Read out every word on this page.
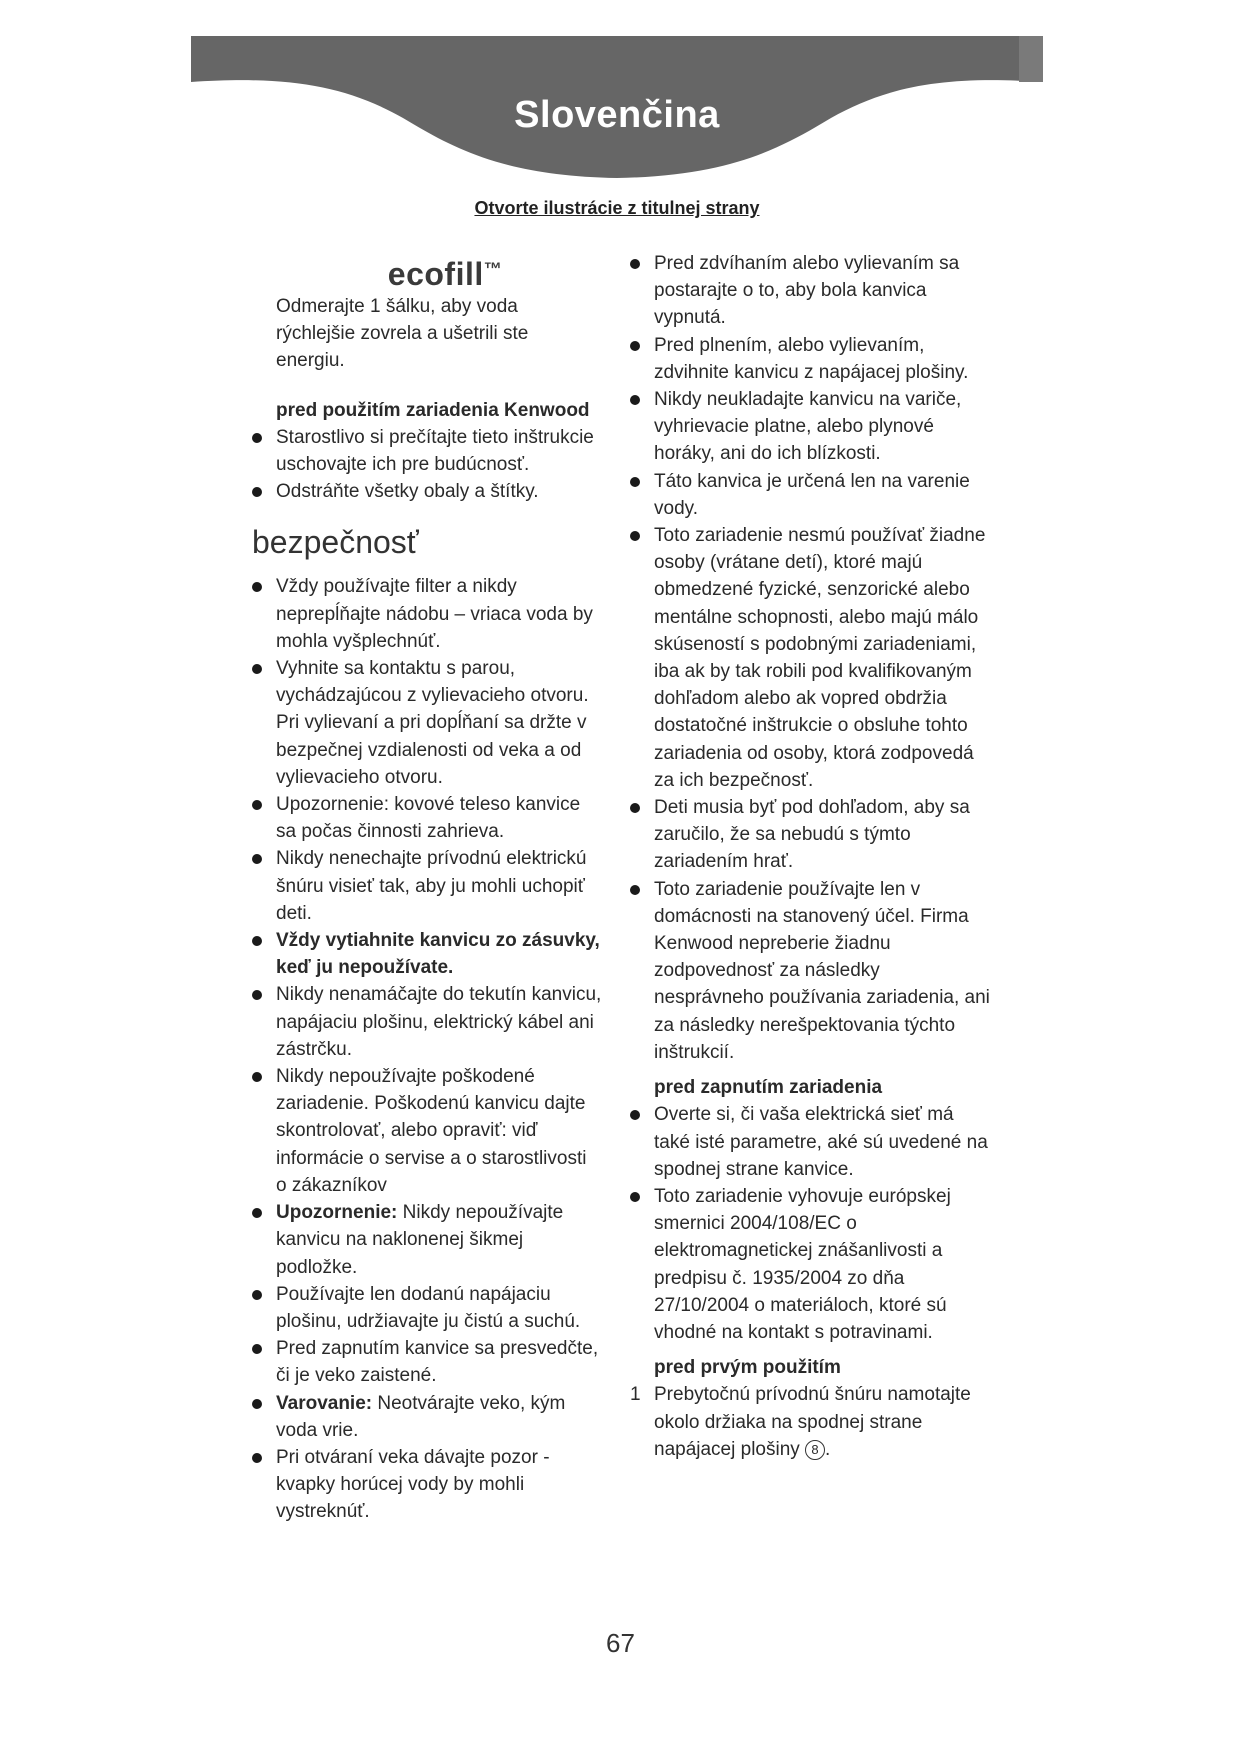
Slovenčina
Otvorte ilustrácie z titulnej strany
ecofill™
Odmerajte 1 šálku, aby voda rýchlejšie zovrela a ušetrili ste energiu.
pred použitím zariadenia Kenwood
Starostlivo si prečítajte tieto inštrukcie uschovajte ich pre budúcnosť.
Odstráňte všetky obaly a štítky.
bezpečnosť
Vždy používajte filter a nikdy neprepĺňajte nádobu – vriaca voda by mohla vyšplechnúť.
Vyhnite sa kontaktu s parou, vychádzajúcou z vylievacieho otvoru. Pri vylievaní a pri dopĺňaní sa držte v bezpečnej vzdialenosti od veka a od vylievacieho otvoru.
Upozornenie: kovové teleso kanvice sa počas činnosti zahrieva.
Nikdy nenechajte prívodnú elektrickú šnúru visieť tak, aby ju mohli uchopiť deti.
Vždy vytiahnite kanvicu zo zásuvky, keď ju nepoužívate.
Nikdy nenamáčajte do tekutín kanvicu, napájaciu plošinu, elektrický kábel ani zástrčku.
Nikdy nepoužívajte poškodené zariadenie. Poškodenú kanvicu dajte skontrolovať, alebo opraviť: viď informácie o servise a o starostlivosti o zákazníkov
Upozornenie: Nikdy nepoužívajte kanvicu na naklonenej šikmej podložke.
Používajte len dodanú napájaciu plošinu, udržiavajte ju čistú a suchú.
Pred zapnutím kanvice sa presvedčte, či je veko zaistené.
Varovanie: Neotvárajte veko, kým voda vrie.
Pri otváraní veka dávajte pozor - kvapky horúcej vody by mohli vystreknúť.
Pred zdvíhaním alebo vylievaním sa postarajte o to, aby bola kanvica vypnutá.
Pred plnením, alebo vylievaním, zdvihnite kanvicu z napájacej plošiny.
Nikdy neukladajte kanvicu na variče, vyhrievacie platne, alebo plynové horáky, ani do ich blízkosti.
Táto kanvica je určená len na varenie vody.
Toto zariadenie nesmú používať žiadne osoby (vrátane detí), ktoré majú obmedzené fyzické, senzorické alebo mentálne schopnosti, alebo majú málo skúseností s podobnými zariadeniami, iba ak by tak robili pod kvalifikovaným dohľadom alebo ak vopred obdržia dostatočné inštrukcie o obsluhe tohto zariadenia od osoby, ktorá zodpovedá za ich bezpečnosť.
Deti musia byť pod dohľadom, aby sa zaručilo, že sa nebudú s týmto zariadením hrať.
Toto zariadenie používajte len v domácnosti na stanovený účel. Firma Kenwood nepreberie žiadnu zodpovednosť za následky nesprávneho používania zariadenia, ani za následky nerešpektovania týchto inštrukcií.
pred zapnutím zariadenia
Overte si, či vaša elektrická sieť má také isté parametre, aké sú uvedené na spodnej strane kanvice.
Toto zariadenie vyhovuje európskej smernici 2004/108/EC o elektromagnetickej znášanlivosti a predpisu č. 1935/2004 zo dňa 27/10/2004 o materiáloch, ktoré sú vhodné na kontakt s potravinami.
pred prvým použitím
1 Prebytočnú prívodnú šnúru namotajte okolo držiaka na spodnej strane napájacej plošiny 8 .
67
